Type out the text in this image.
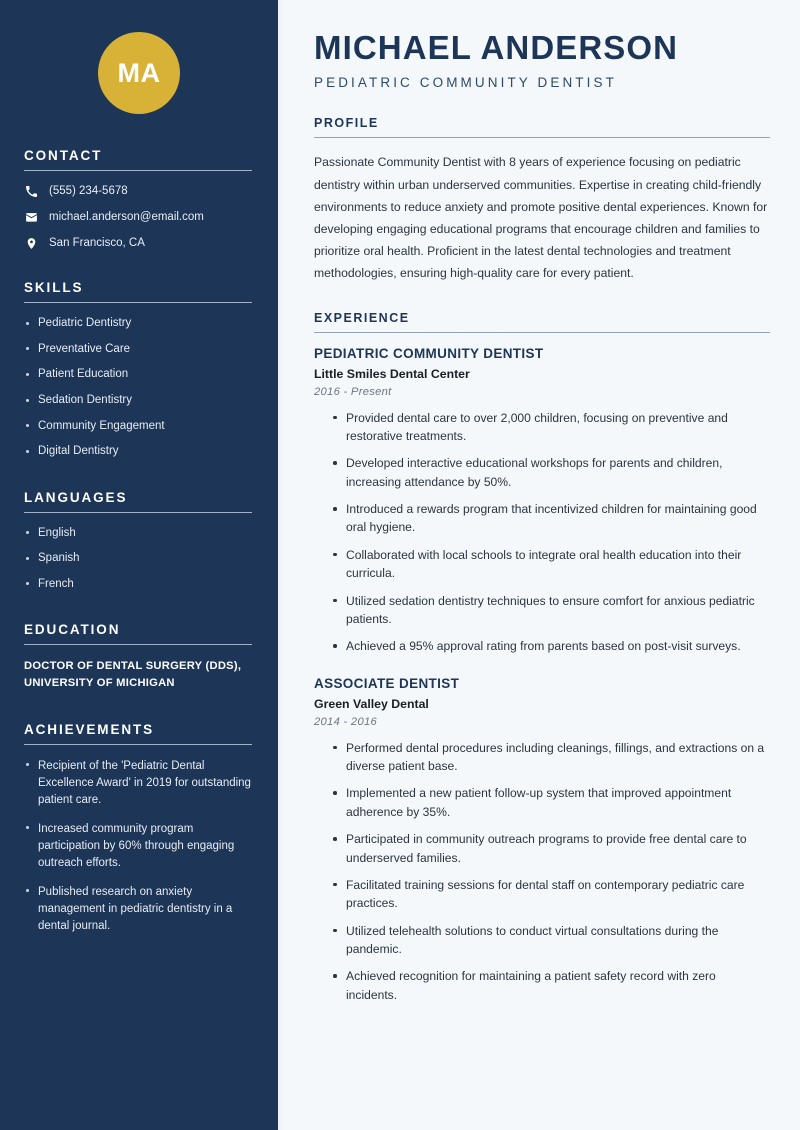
MA
CONTACT
(555) 234-5678
michael.anderson@email.com
San Francisco, CA
SKILLS
Pediatric Dentistry
Preventative Care
Patient Education
Sedation Dentistry
Community Engagement
Digital Dentistry
LANGUAGES
English
Spanish
French
EDUCATION
DOCTOR OF DENTAL SURGERY (DDS), UNIVERSITY OF MICHIGAN
ACHIEVEMENTS
Recipient of the 'Pediatric Dental Excellence Award' in 2019 for outstanding patient care.
Increased community program participation by 60% through engaging outreach efforts.
Published research on anxiety management in pediatric dentistry in a dental journal.
MICHAEL ANDERSON
PEDIATRIC COMMUNITY DENTIST
PROFILE

Passionate Community Dentist with 8 years of experience focusing on pediatric dentistry within urban underserved communities. Expertise in creating child-friendly environments to reduce anxiety and promote positive dental experiences. Known for developing engaging educational programs that encourage children and families to prioritize oral health. Proficient in the latest dental technologies and treatment methodologies, ensuring high-quality care for every patient.

EXPERIENCE
PEDIATRIC COMMUNITY DENTIST
Little Smiles Dental Center
2016 - Present
Provided dental care to over 2,000 children, focusing on preventive and restorative treatments.
Developed interactive educational workshops for parents and children, increasing attendance by 50%.
Introduced a rewards program that incentivized children for maintaining good oral hygiene.
Collaborated with local schools to integrate oral health education into their curricula.
Utilized sedation dentistry techniques to ensure comfort for anxious pediatric patients.
Achieved a 95% approval rating from parents based on post-visit surveys.
ASSOCIATE DENTIST
Green Valley Dental
2014 - 2016
Performed dental procedures including cleanings, fillings, and extractions on a diverse patient base.
Implemented a new patient follow-up system that improved appointment adherence by 35%.
Participated in community outreach programs to provide free dental care to underserved families.
Facilitated training sessions for dental staff on contemporary pediatric care practices.
Utilized telehealth solutions to conduct virtual consultations during the pandemic.
Achieved recognition for maintaining a patient safety record with zero incidents.
